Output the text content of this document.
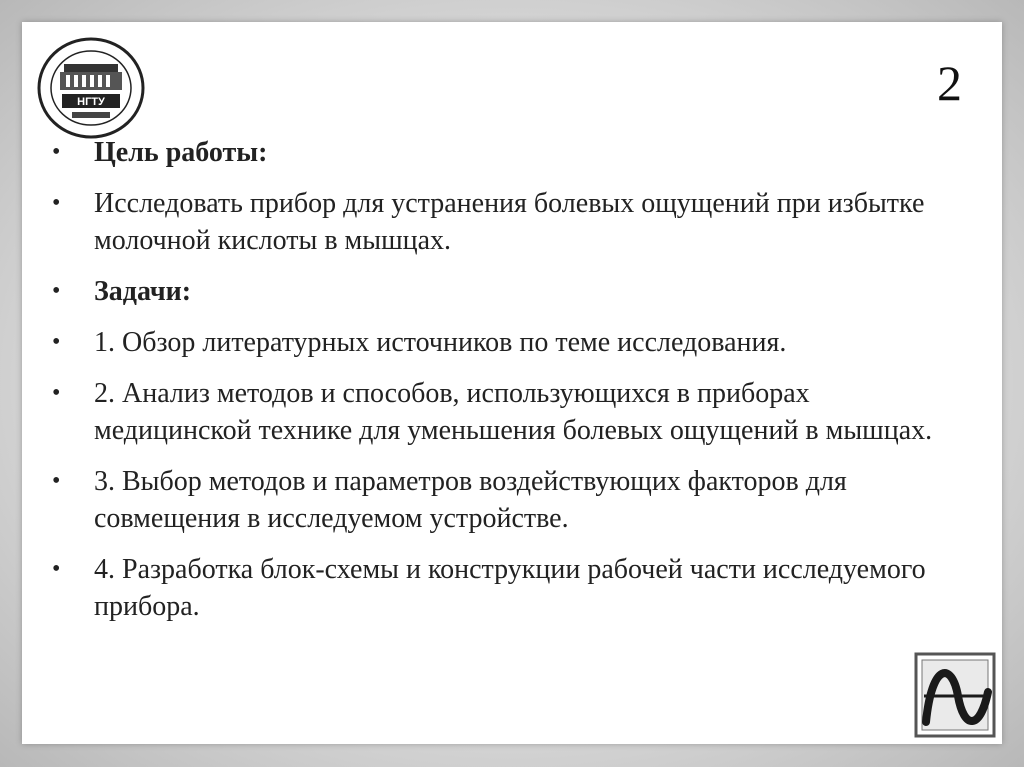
НГТУ	2
• Цель работы:
• Исследовать прибор для устранения болевых ощущений при избытке молочной кислоты в мышцах.
• Задачи:
• 1. Обзор литературных источников по теме исследования.
• 2. Анализ методов и способов, использующихся в приборах медицинской технике для уменьшения болевых ощущений в мышцах.
• 3. Выбор методов и параметров воздействующих факторов для совмещения в исследуемом устройстве.
• 4. Разработка блок-схемы и конструкции рабочей части исследуемого прибора.
